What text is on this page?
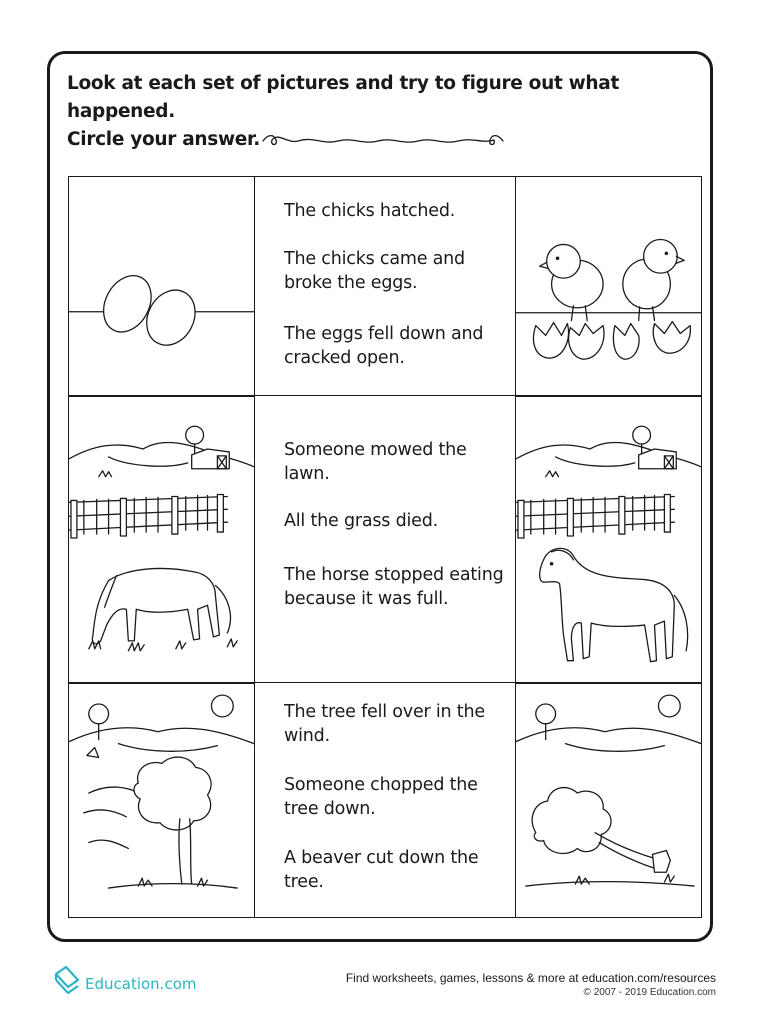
Look at each set of pictures and try to figure out what happened.
Circle your answer.
The chicks hatched.
The chicks came and broke the eggs.
The eggs fell down and cracked open.
Someone mowed the lawn.
All the grass died.
The horse stopped eating because it was full.
The tree fell over in the wind.
Someone chopped the tree down.
A beaver cut down the tree.
Education.com	Find worksheets, games, lessons & more at education.com/resources
© 2007 - 2019 Education.com
